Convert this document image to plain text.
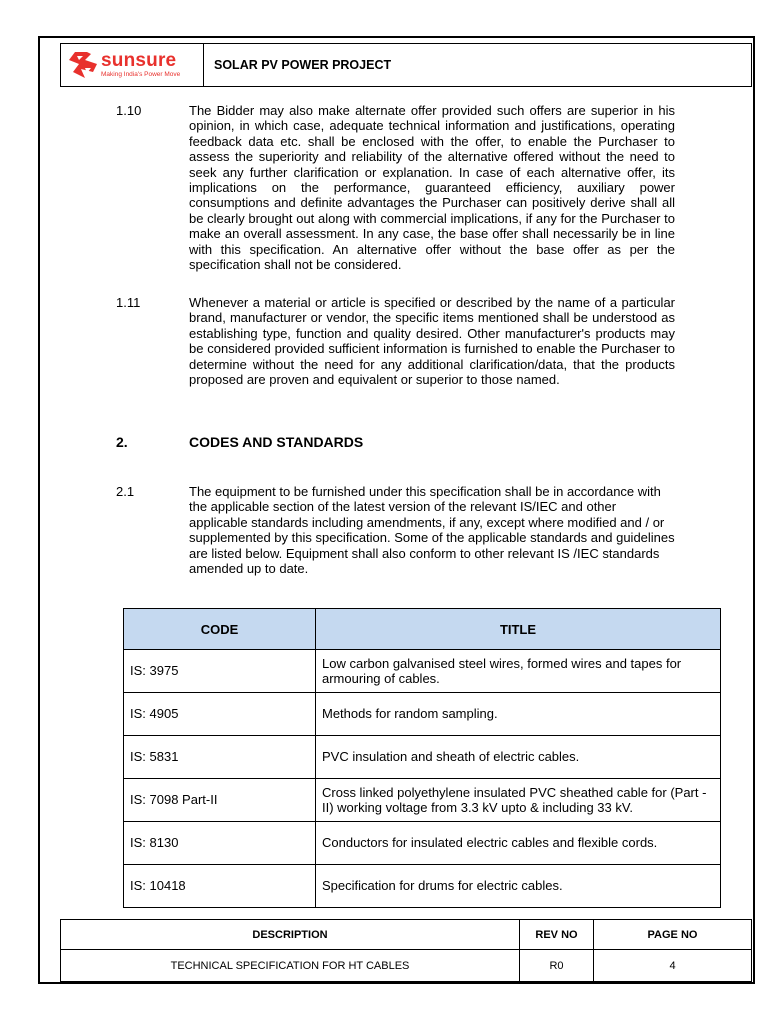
sunsure
Making India's Power Move
SOLAR PV POWER PROJECT
1.10	The Bidder may also make alternate offer provided such offers are superior in his opinion, in which case, adequate technical information and justifications, operating feedback data etc. shall be enclosed with the offer, to enable the Purchaser to assess the superiority and reliability of the alternative offered without the need to seek any further clarification or explanation. In case of each alternative offer, its implications on the performance, guaranteed efficiency, auxiliary power consumptions and definite advantages the Purchaser can positively derive shall all be clearly brought out along with commercial implications, if any for the Purchaser to make an overall assessment. In any case, the base offer shall necessarily be in line with this specification. An alternative offer without the base offer as per the specification shall not be considered.
1.11	Whenever a material or article is specified or described by the name of a particular brand, manufacturer or vendor, the specific items mentioned shall be understood as establishing type, function and quality desired. Other manufacturer's products may be considered provided sufficient information is furnished to enable the Purchaser to determine without the need for any additional clarification/data, that the products proposed are proven and equivalent or superior to those named.
2.	CODES AND STANDARDS
2.1	The equipment to be furnished under this specification shall be in accordance with the applicable section of the latest version of the relevant IS/IEC and other applicable standards including amendments, if any, except where modified and / or supplemented by this specification. Some of the applicable standards and guidelines are listed below. Equipment shall also conform to other relevant IS /IEC standards amended up to date.
CODE	TITLE
IS: 3975	Low carbon galvanised steel wires, formed wires and tapes for armouring of cables.
IS: 4905	Methods for random sampling.
IS: 5831	PVC insulation and sheath of electric cables.
IS: 7098 Part-II	Cross linked polyethylene insulated PVC sheathed cable for (Part -II) working voltage from 3.3 kV upto & including 33 kV.
IS: 8130	Conductors for insulated electric cables and flexible cords.
IS: 10418	Specification for drums for electric cables.
DESCRIPTION	REV NO	PAGE NO
TECHNICAL SPECIFICATION FOR HT CABLES	R0	4
